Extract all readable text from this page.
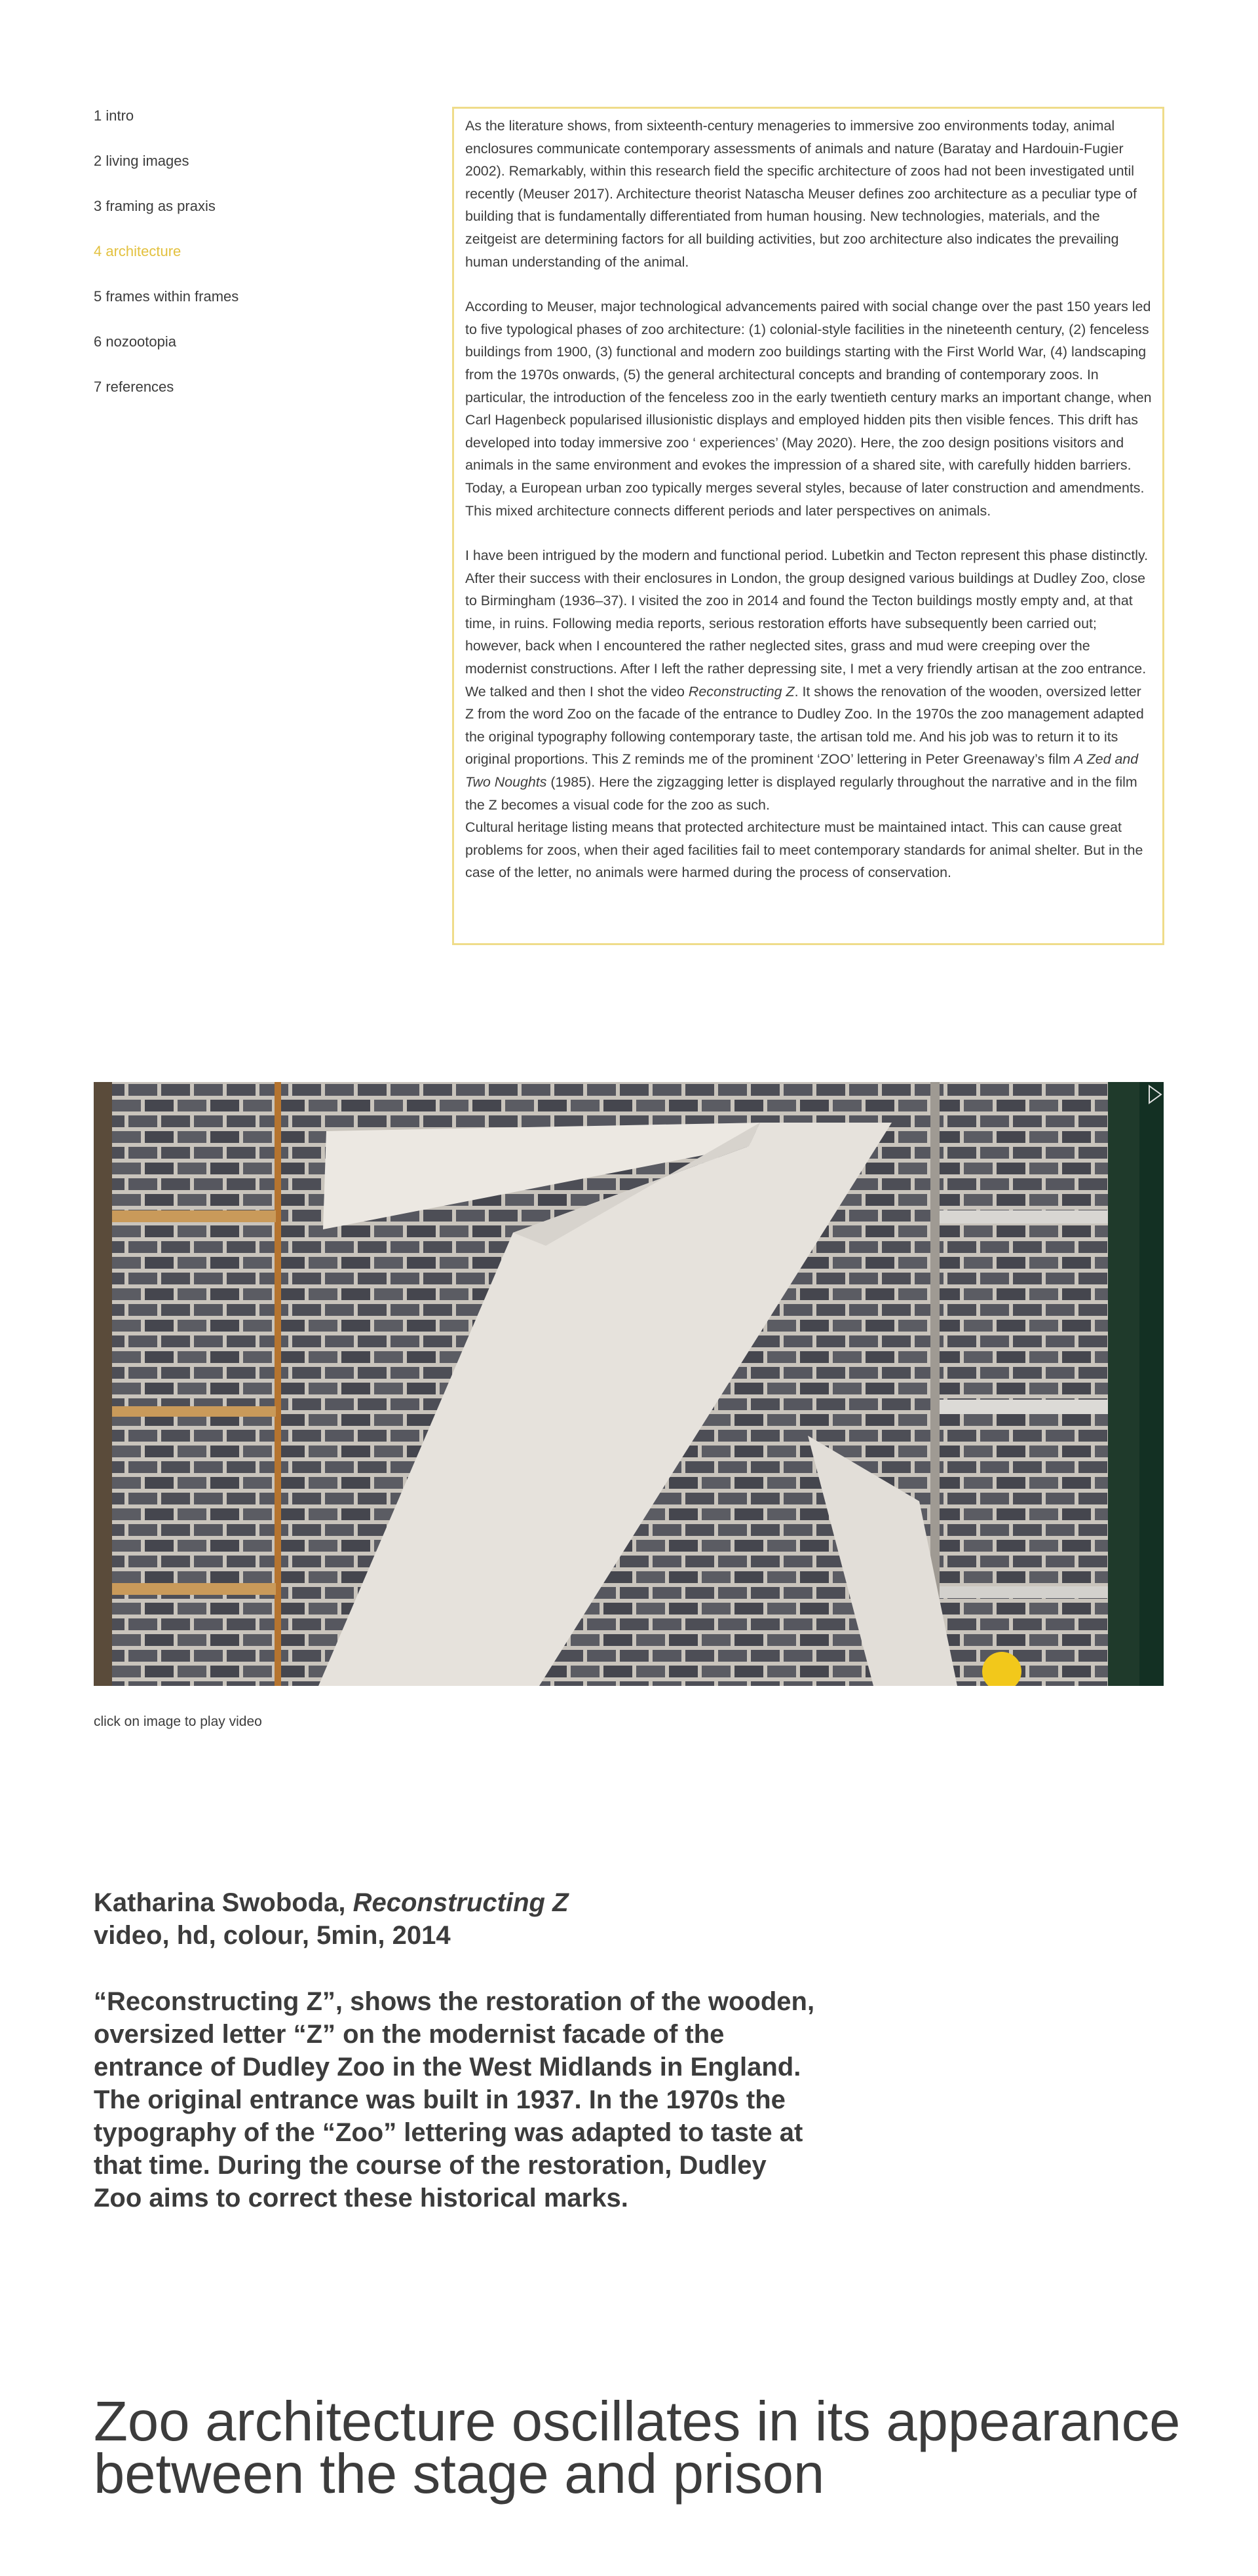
1 intro
2 living images
3 framing as praxis
4 architecture
5 frames within frames
6 nozootopia
7 references

As the literature shows, from sixteenth-century menageries to immersive zoo environments today, animal enclosures communicate contemporary assessments of animals and nature (Baratay and Hardouin-Fugier 2002). Remarkably, within this research field the specific architecture of zoos had not been investigated until recently (Meuser 2017). Architecture theorist Natascha Meuser defines zoo architecture as a peculiar type of building that is fundamentally differentiated from human housing. New technologies, materials, and the zeitgeist are determining factors for all building activities, but zoo architecture also indicates the prevailing human understanding of the animal.

According to Meuser, major technological advancements paired with social change over the past 150 years led to five typological phases of zoo architecture: (1) colonial-style facilities in the nineteenth century, (2) fenceless buildings from 1900, (3) functional and modern zoo buildings starting with the First World War, (4) landscaping from the 1970s onwards, (5) the general architectural concepts and branding of contemporary zoos. In particular, the introduction of the fenceless zoo in the early twentieth century marks an important change, when Carl Hagenbeck popularised illusionistic displays and employed hidden pits then visible fences. This drift has developed into today immersive zoo ‘ experiences’ (May 2020). Here, the zoo design positions visitors and animals in the same environment and evokes the impression of a shared site, with carefully hidden barriers. Today, a European urban zoo typically merges several styles, because of later construction and amendments. This mixed architecture connects different periods and later perspectives on animals.

I have been intrigued by the modern and functional period. Lubetkin and Tecton represent this phase distinctly. After their success with their enclosures in London, the group designed various buildings at Dudley Zoo, close to Birmingham (1936–37). I visited the zoo in 2014 and found the Tecton buildings mostly empty and, at that time, in ruins. Following media reports, serious restoration efforts have subsequently been carried out; however, back when I encountered the rather neglected sites, grass and mud were creeping over the modernist constructions. After I left the rather depressing site, I met a very friendly artisan at the zoo entrance. We talked and then I shot the video Reconstructing Z. It shows the renovation of the wooden, oversized letter Z from the word Zoo on the facade of the entrance to Dudley Zoo. In the 1970s the zoo management adapted the original typography following contemporary taste, the artisan told me. And his job was to return it to its original proportions. This Z reminds me of the prominent ‘ZOO’ lettering in Peter Greenaway’s film A Zed and Two Noughts (1985). Here the zigzagging letter is displayed regularly throughout the narrative and in the film the Z becomes a visual code for the zoo as such.

Cultural heritage listing means that protected architecture must be maintained intact. This can cause great problems for zoos, when their aged facilities fail to meet contemporary standards for animal shelter. But in the case of the letter, no animals were harmed during the process of conservation.

click on image to play video
Katharina Swoboda, Reconstructing Z
video, hd, colour, 5min, 2014

“Reconstructing Z”, shows the restoration of the wooden, oversized letter “Z” on the modernist facade of the entrance of Dudley Zoo in the West Midlands in England. The original entrance was built in 1937. In the 1970s the typography of the “Zoo” lettering was adapted to taste at that time. During the course of the restoration, Dudley Zoo aims to correct these historical marks.

Zoo architecture oscillates in its appearance between the stage and prison
